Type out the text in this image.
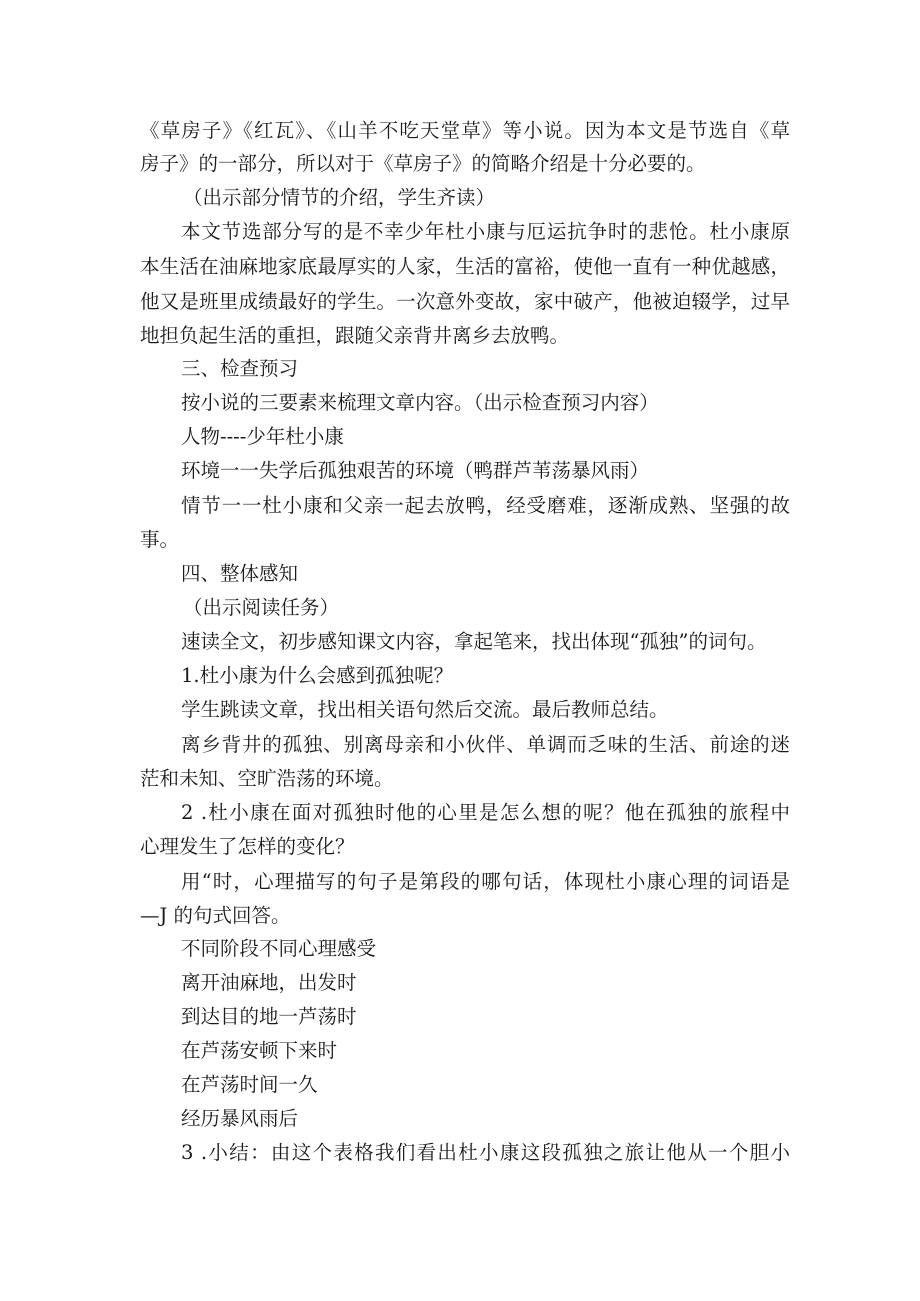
《草房子》《红瓦》、《山羊不吃天堂草》等小说。因为本文是节选自《草
房子》的一部分，所以对于《草房子》的简略介绍是十分必要的。
（出示部分情节的介绍，学生齐读）
本文节选部分写的是不幸少年杜小康与厄运抗争时的悲怆。杜小康原
本生活在油麻地家底最厚实的人家，生活的富裕，使他一直有一种优越感，
他又是班里成绩最好的学生。一次意外变故，家中破产，他被迫辍学，过早
地担负起生活的重担，跟随父亲背井离乡去放鸭。
三、检查预习
按小说的三要素来梳理文章内容。（出示检查预习内容）
人物----少年杜小康
环境一一失学后孤独艰苦的环境（鸭群芦苇荡暴风雨）
情节一一杜小康和父亲一起去放鸭，经受磨难，逐渐成熟、坚强的故
事。
四、整体感知
（出示阅读任务）
速读全文，初步感知课文内容，拿起笔来，找出体现“孤独”的词句。
1.杜小康为什么会感到孤独呢？
学生跳读文章，找出相关语句然后交流。最后教师总结。
离乡背井的孤独、别离母亲和小伙伴、单调而乏味的生活、前途的迷
茫和未知、空旷浩荡的环境。
2 .杜小康在面对孤独时他的心里是怎么想的呢？他在孤独的旅程中
心理发生了怎样的变化？
用“时，心理描写的句子是第段的哪句话，体现杜小康心理的词语是
—J 的句式回答。
不同阶段不同心理感受
离开油麻地，出发时
到达目的地一芦荡时
在芦荡安顿下来时
在芦荡时间一久
经历暴风雨后
3 .小结：由这个表格我们看出杜小康这段孤独之旅让他从一个胆小
